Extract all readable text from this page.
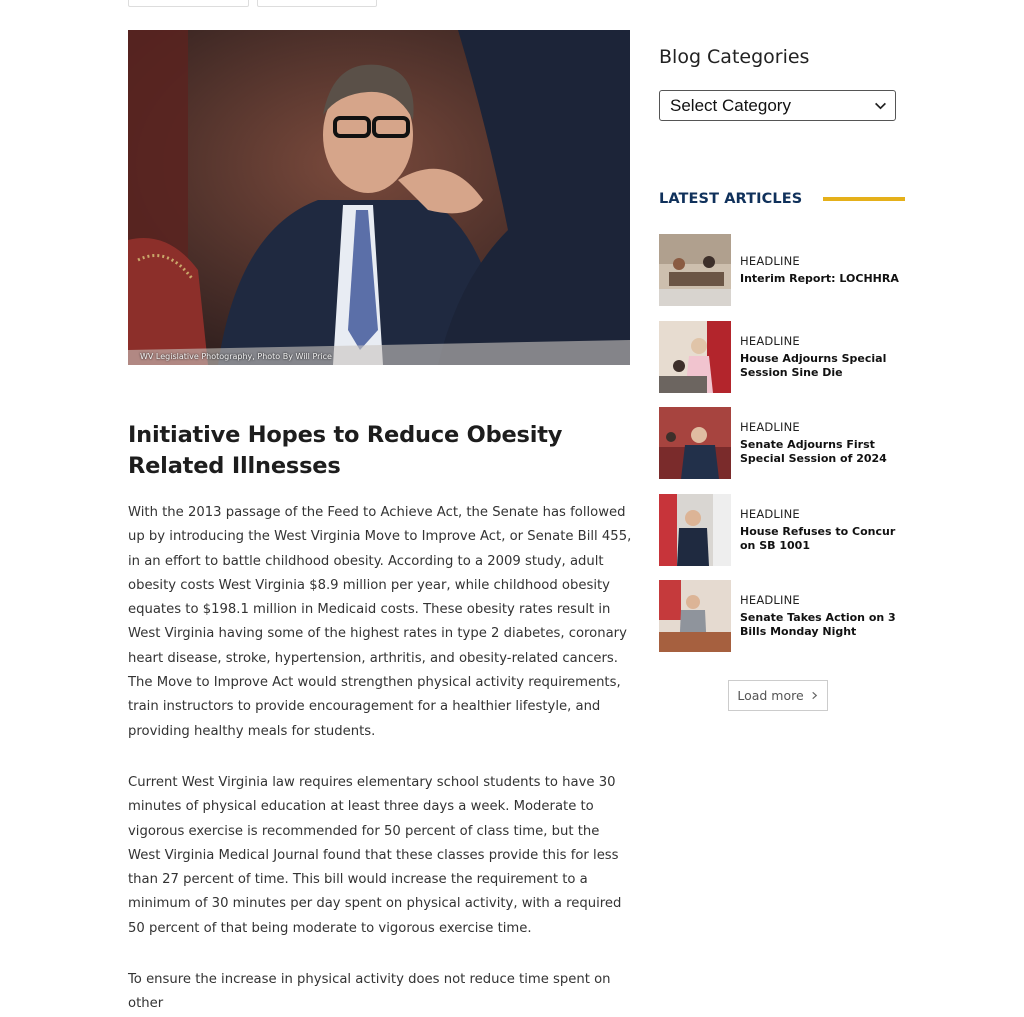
WV Legislative Photography, Photo By Will Price
Initiative Hopes to Reduce Obesity Related Illnesses

With the 2013 passage of the Feed to Achieve Act, the Senate has followed up by introducing the West Virginia Move to Improve Act, or Senate Bill 455, in an effort to battle childhood obesity. According to a 2009 study, adult obesity costs West Virginia $8.9 million per year, while childhood obesity equates to $198.1 million in Medicaid costs. These obesity rates result in West Virginia having some of the highest rates in type 2 diabetes, coronary heart disease, stroke, hypertension, arthritis, and obesity-related cancers. The Move to Improve Act would strengthen physical activity requirements, train instructors to provide encouragement for a healthier lifestyle, and providing healthy meals for students.

Current West Virginia law requires elementary school students to have 30 minutes of physical education at least three days a week. Moderate to vigorous exercise is recommended for 50 percent of class time, but the West Virginia Medical Journal found that these classes provide this for less than 27 percent of time. This bill would increase the requirement to a minimum of 30 minutes per day spent on physical activity, with a required 50 percent of that being moderate to vigorous exercise time.

To ensure the increase in physical activity does not reduce time spent on other

Blog Categories
Select Category
LATEST ARTICLES
HEADLINE
Interim Report: LOCHHRA
HEADLINE
House Adjourns Special Session Sine Die
HEADLINE
Senate Adjourns First Special Session of 2024
HEADLINE
House Refuses to Concur on SB 1001
HEADLINE
Senate Takes Action on 3 Bills Monday Night
Load more
